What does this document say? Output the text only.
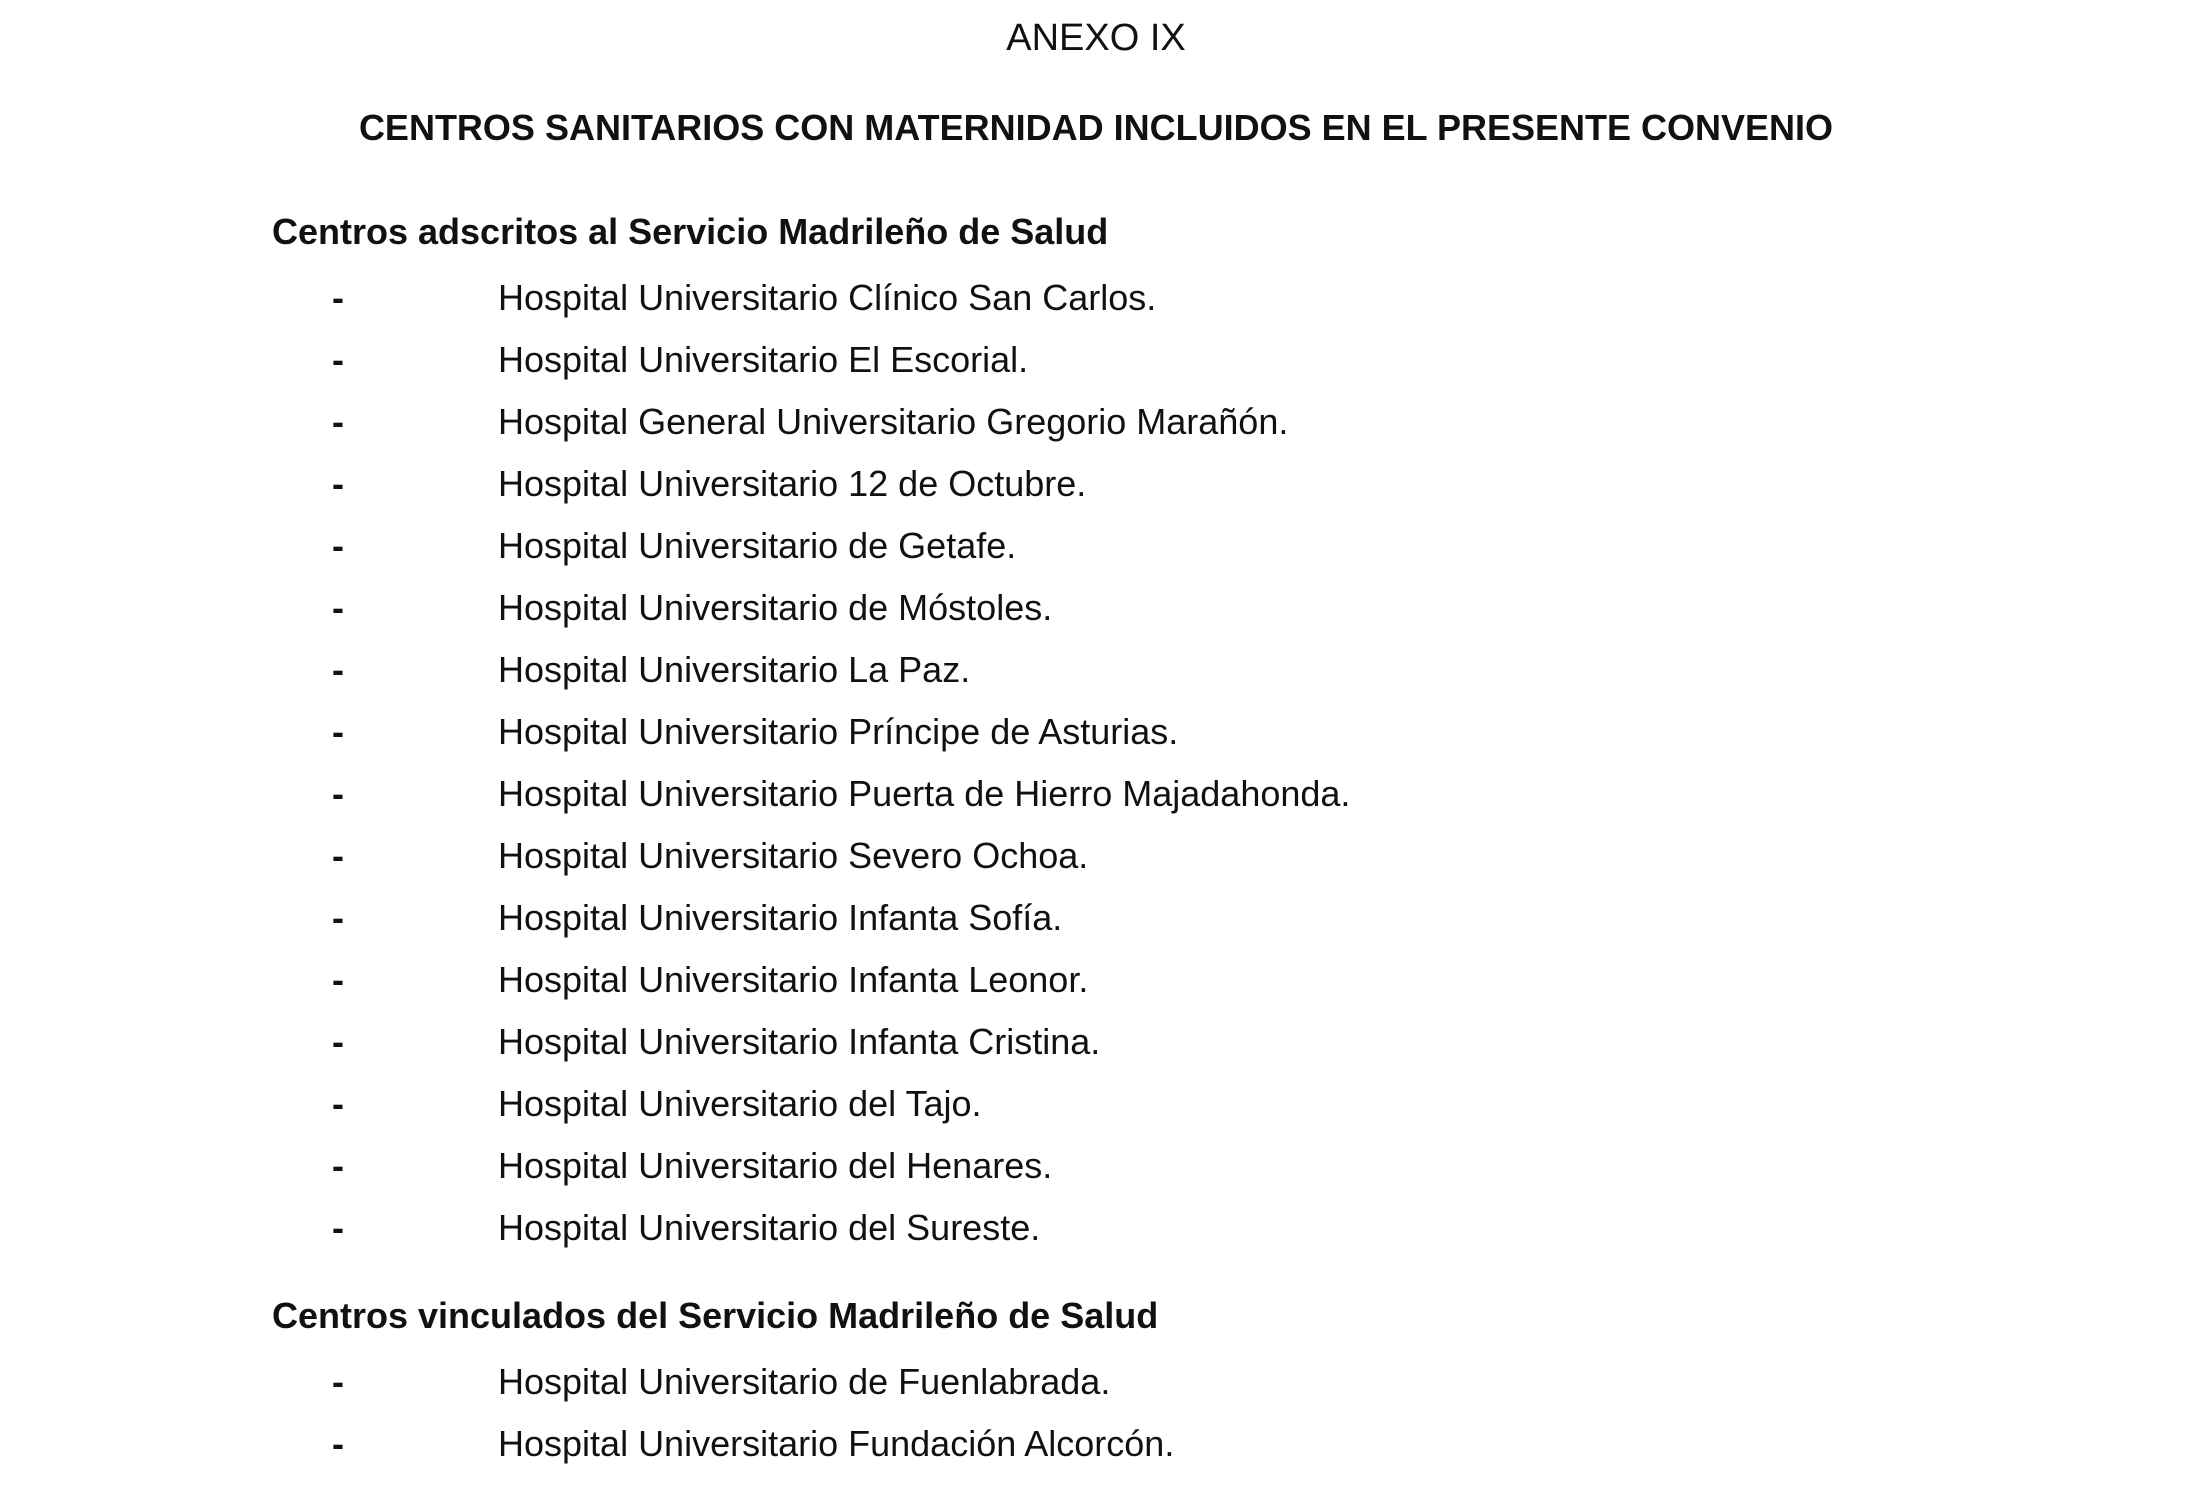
ANEXO IX
CENTROS SANITARIOS CON MATERNIDAD INCLUIDOS EN EL PRESENTE CONVENIO
Centros adscritos al Servicio Madrileño de Salud
-	Hospital Universitario Clínico San Carlos.
-	Hospital Universitario El Escorial.
-	Hospital General Universitario Gregorio Marañón.
-	Hospital Universitario 12 de Octubre.
-	Hospital Universitario de Getafe.
-	Hospital Universitario de Móstoles.
-	Hospital Universitario La Paz.
-	Hospital Universitario Príncipe de Asturias.
-	Hospital Universitario Puerta de Hierro Majadahonda.
-	Hospital Universitario Severo Ochoa.
-	Hospital Universitario Infanta Sofía.
-	Hospital Universitario Infanta Leonor.
-	Hospital Universitario Infanta Cristina.
-	Hospital Universitario del Tajo.
-	Hospital Universitario del Henares.
-	Hospital Universitario del Sureste.
Centros vinculados del Servicio Madrileño de Salud
-	Hospital Universitario de Fuenlabrada.
-	Hospital Universitario Fundación Alcorcón.
